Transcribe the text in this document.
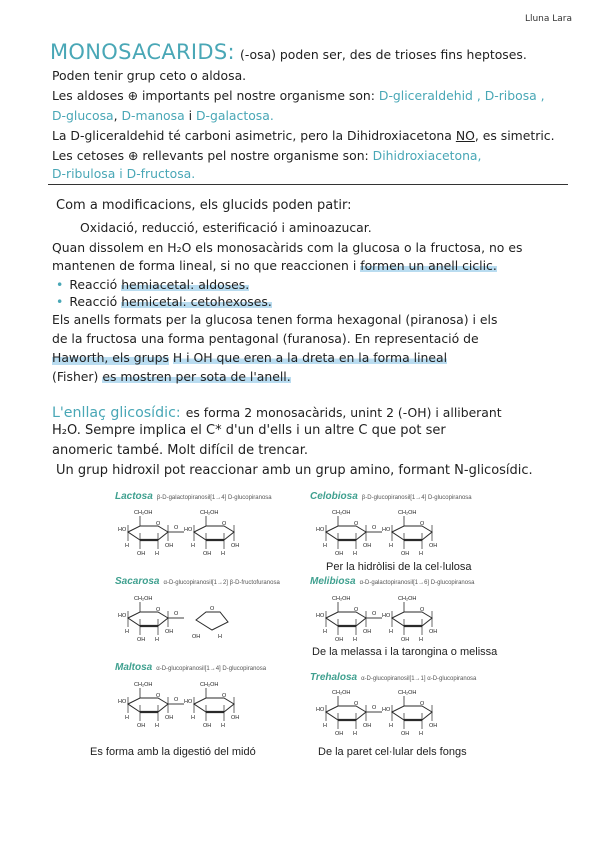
Lluna Lara
MONOSACARIDS: (-osa) poden ser, des de trioses fins heptoses.
Poden tenir grup ceto o aldosa.
Les aldoses ⊕ importants pel nostre organisme son: D-gliceraldehid , D-ribosa ,
D-glucosa, D-manosa i D-galactosa.
La D-gliceraldehid té carboni asimetric, pero la Dihidroxiacetona NO, es simetric.
Les cetoses ⊕ rellevants pel nostre organisme son: Dihidroxiacetona,
D-ribulosa i D-fructosa.
Com a modificacions, els glucids poden patir:
Oxidació, reducció, esterificació i aminoazucar.
Quan dissolem en H₂O els monosacàrids com la glucosa o la fructosa, no es
mantenen de forma lineal, si no que reaccionen i formen un anell ciclic.
• Reacció hemiacetal: aldoses.
• Reacció hemicetal: cetohexoses.
Els anells formats per la glucosa tenen forma hexagonal (piranosa) i els
de la fructosa una forma pentagonal (furanosa). En representació de
Haworth, els grups H i OH que eren a la dreta en la forma lineal
(Fisher) es mostren per sota de l'anell.
L'enllaç glicosídic: es forma 2 monosacàrids, unint 2 (-OH) i alliberant
H₂O. Sempre implica el C* d'un d'ells i un altre C que pot ser
anomeric també. Molt difícil de trencar.
Un grup hidroxil pot reaccionar amb un grup amino, formant N-glicosídic.
Lactosa β-D-galactopiranosil[1→4] D-glucopiranosa	Celobiosa β-D-glucopiranosil[1→4] D-glucopiranosa
Sacarosa α-D-glucopiranosil[1→2] β-D-fructofuranosa	Melibiosa α-D-galactopiranosil[1→6] D-glucopiranosa
Maltosa α-D-glucopiranosil[1→4] D-glucopiranosa
Trehalosa α-D-glucopiranosil[1→1] α-D-glucopiranosa
Per la hidròlisi de la cel·lulosa
De la melassa i la tarongina o melissa
Es forma amb la digestió del midó	De la paret cel·lular dels fongs
CH₂OH
O
H
OH H
OH
HO	O
CH₂OH
O
H
OH H
OH
HO
CH₂OH
O
H
OH H
OH
HO	O
CH₂OH
O
H
OH H
OH
HO
CH₂OH
O
H
OH H
OH
HO	O
O
OH	H
CH₂OH
O
H
OH H
OH
HO	O
CH₂OH
O
H
OH H
OH
HO
CH₂OH
O
H
OH H
OH
HO	O
CH₂OH
O
H
OH H
OH
HO
CH₂OH
O
H
OH H
OH
HO	O
CH₂OH
O
H
OH H
OH
HO
